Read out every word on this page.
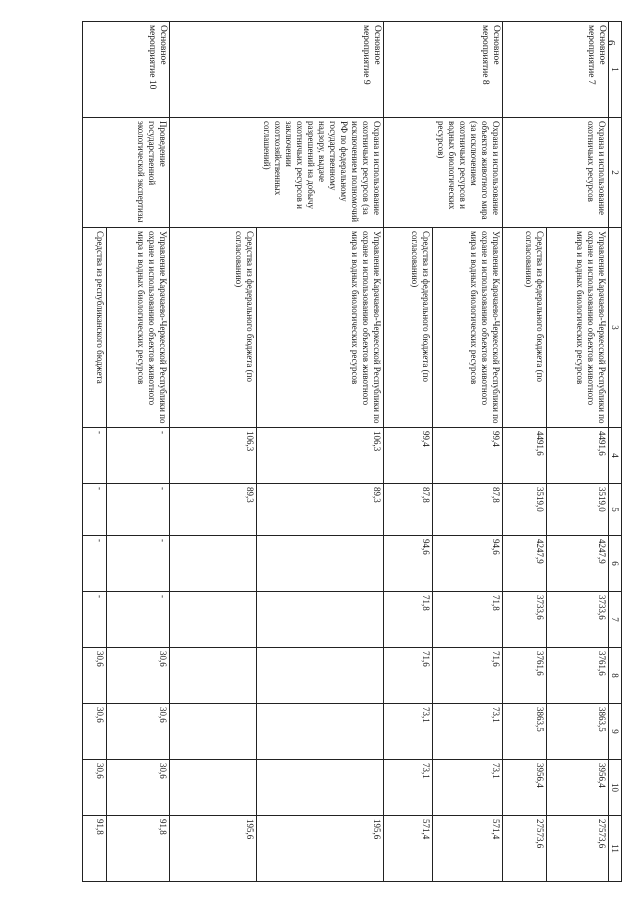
6
1	2	3	4	5	6	7	8	9	10	11
Основное мероприятие 7	Охрана и использование охотничьих ресурсов	Управление Карачаево-Черкесской Республики по охране и использованию объектов животного мира и водных биологических ресурсов	4491,6	3519,0	4247,9	3733,6	3761,6	3863,5	3956,4	27573,6
		Средства из федерального бюджета (по согласованию)	4491,6	3519,0	4247,9	3733,6	3761,6	3863,5	3956,4	27573,6
Основное мероприятие 8	Охрана и использование объектов животного мира (за исключением охотничьих ресурсов и водных биологических ресурсов)	Управление Карачаево-Черкесской Республики по охране и использованию объектов животного мира и водных биологических ресурсов	99,4	87,8	94,6	71,8	71,6	73,1	73,1	571,4
		Средства из федерального бюджета (по согласованию)	99,4	87,8	94,6	71,8	71,6	73,1	73,1	571,4
Основное мероприятие 9	Охрана и использование охотничьих ресурсов (за исключением полномочий РФ по федеральному государственному надзору, выдаче разрешений на добычу охотничьих ресурсов и заключении охотхозяйственных соглашений)	Управление Карачаево-Черкесской Республики по охране и использованию объектов животного мира и водных биологических ресурсов	106,3	89,3						195,6
		Средства из федерального бюджета (по согласованию)	106,3	89,3						195,6
Основное мероприятие 10	Проведение государственной экологической экспертизы	Управление Карачаево-Черкесской Республики по охране и использованию объектов животного мира и водных биологических ресурсов	-	-	-	-	30,6	30,6	30,6	91,8
		Средства из республиканского бюджета	-	-	-	-	30,6	30,6	30,6	91,8
